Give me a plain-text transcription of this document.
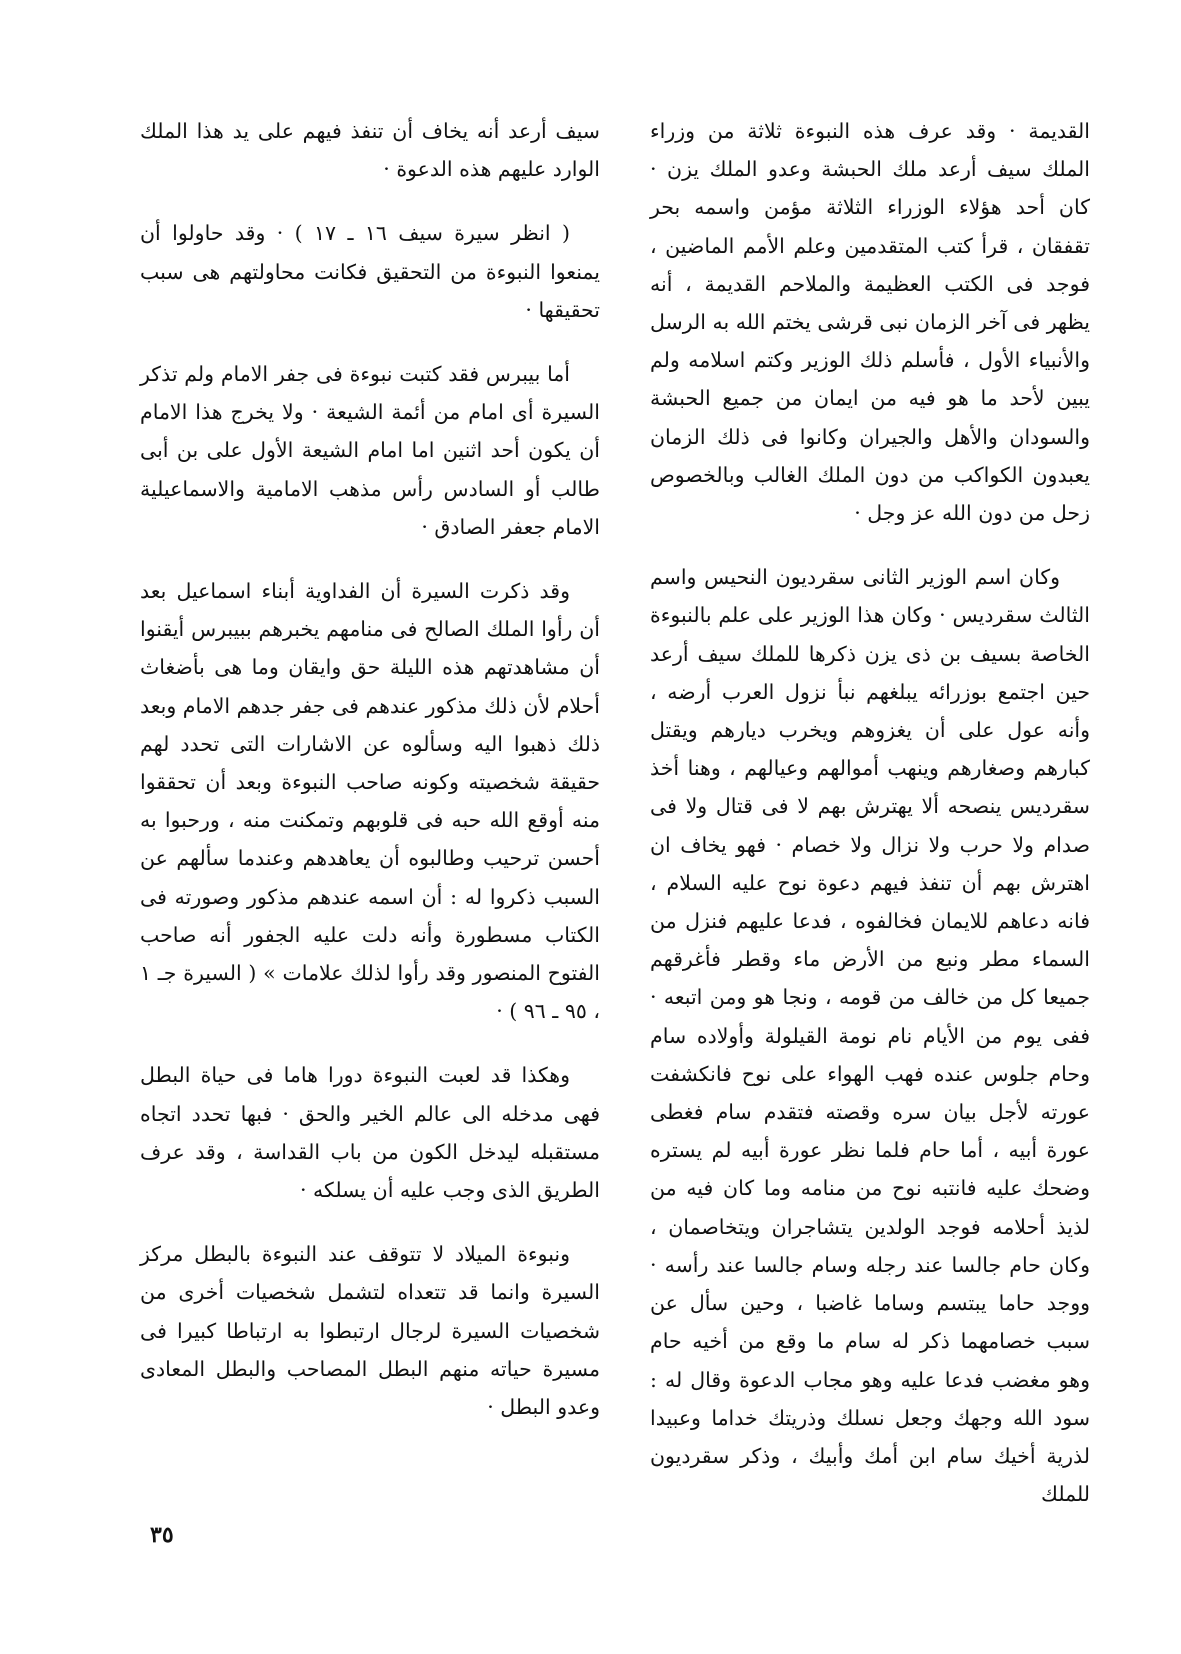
القديمة · وقد عرف هذه النبوءة ثلاثة من وزراء الملك سيف أرعد ملك الحبشة وعدو الملك يزن · كان أحد هؤلاء الوزراء الثلاثة مؤمن واسمه بحر تقفقان ، قرأ كتب المتقدمين وعلم الأمم الماضين ، فوجد فى الكتب العظيمة والملاحم القديمة ، أنه يظهر فى آخر الزمان نبى قرشى يختم الله به الرسل والأنبياء الأول ، فأسلم ذلك الوزير وكتم اسلامه ولم يبين لأحد ما هو فيه من ايمان من جميع الحبشة والسودان والأهل والجيران وكانوا فى ذلك الزمان يعبدون الكواكب من دون الملك الغالب وبالخصوص زحل من دون الله عز وجل ·

وكان اسم الوزير الثانى سقرديون النحيس واسم الثالث سقرديس · وكان هذا الوزير على علم بالنبوءة الخاصة بسيف بن ذى يزن ذكرها للملك سيف أرعد حين اجتمع بوزرائه يبلغهم نبأ نزول العرب أرضه ، وأنه عول على أن يغزوهم ويخرب ديارهم ويقتل كبارهم وصغارهم وينهب أموالهم وعيالهم ، وهنا أخذ سقرديس ينصحه ألا يهترش بهم لا فى قتال ولا فى صدام ولا حرب ولا نزال ولا خصام · فهو يخاف ان اهترش بهم أن تنفذ فيهم دعوة نوح عليه السلام ، فانه دعاهم للايمان فخالفوه ، فدعا عليهم فنزل من السماء مطر ونبع من الأرض ماء وقطر فأغرقهم جميعا كل من خالف من قومه ، ونجا هو ومن اتبعه · ففى يوم من الأيام نام نومة القيلولة وأولاده سام وحام جلوس عنده فهب الهواء على نوح فانكشفت عورته لأجل بيان سره وقصته فتقدم سام فغطى عورة أبيه ، أما حام فلما نظر عورة أبيه لم يستره وضحك عليه فانتبه نوح من منامه وما كان فيه من لذيذ أحلامه فوجد الولدين يتشاجران ويتخاصمان ، وكان حام جالسا عند رجله وسام جالسا عند رأسه · ووجد حاما يبتسم وساما غاضبا ، وحين سأل عن سبب خصامهما ذكر له سام ما وقع من أخيه حام وهو مغضب فدعا عليه وهو مجاب الدعوة وقال له : سود الله وجهك وجعل نسلك وذريتك خداما وعبيدا لذرية أخيك سام ابن أمك وأبيك ، وذكر سقرديون للملك

سيف أرعد أنه يخاف أن تنفذ فيهم على يد هذا الملك الوارد عليهم هذه الدعوة ·

( انظر سيرة سيف ١٦ ـ ١٧ ) · وقد حاولوا أن يمنعوا النبوءة من التحقيق فكانت محاولتهم هى سبب تحقيقها ·

أما بيبرس فقد كتبت نبوءة فى جفر الامام ولم تذكر السيرة أى امام من أئمة الشيعة · ولا يخرج هذا الامام أن يكون أحد اثنين اما امام الشيعة الأول على بن أبى طالب أو السادس رأس مذهب الامامية والاسماعيلية الامام جعفر الصادق ·

وقد ذكرت السيرة أن الفداوية أبناء اسماعيل بعد أن رأوا الملك الصالح فى منامهم يخبرهم ببيبرس أيقنوا أن مشاهدتهم هذه الليلة حق وايقان وما هى بأضغاث أحلام لأن ذلك مذكور عندهم فى جفر جدهم الامام وبعد ذلك ذهبوا اليه وسألوه عن الاشارات التى تحدد لهم حقيقة شخصيته وكونه صاحب النبوءة وبعد أن تحققوا منه أوقع الله حبه فى قلوبهم وتمكنت منه ، ورحبوا به أحسن ترحيب وطالبوه أن يعاهدهم وعندما سألهم عن السبب ذكروا له : أن اسمه عندهم مذكور وصورته فى الكتاب مسطورة وأنه دلت عليه الجفور أنه صاحب الفتوح المنصور وقد رأوا لذلك علامات » ( السيرة جـ ١ ، ٩٥ ـ ٩٦ ) ·

وهكذا قد لعبت النبوءة دورا هاما فى حياة البطل فهى مدخله الى عالم الخير والحق · فبها تحدد اتجاه مستقبله ليدخل الكون من باب القداسة ، وقد عرف الطريق الذى وجب عليه أن يسلكه ·

ونبوءة الميلاد لا تتوقف عند النبوءة بالبطل مركز السيرة وانما قد تتعداه لتشمل شخصيات أخرى من شخصيات السيرة لرجال ارتبطوا به ارتباطا كبيرا فى مسيرة حياته منهم البطل المصاحب والبطل المعادى وعدو البطل ·

٣٥
